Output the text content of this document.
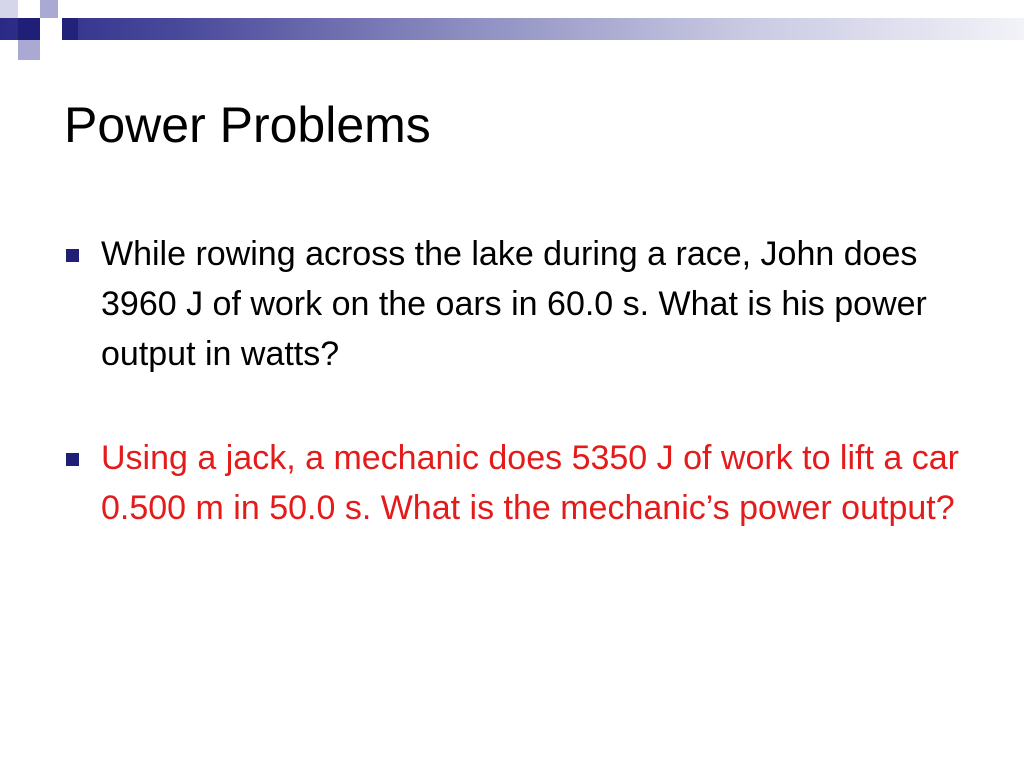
Power Problems
While rowing across the lake during a race, John does 3960 J of work on the oars in 60.0 s. What is his power output in watts?
Using a jack, a mechanic does 5350 J of work to lift a car 0.500 m in 50.0 s. What is the mechanic’s power output?
